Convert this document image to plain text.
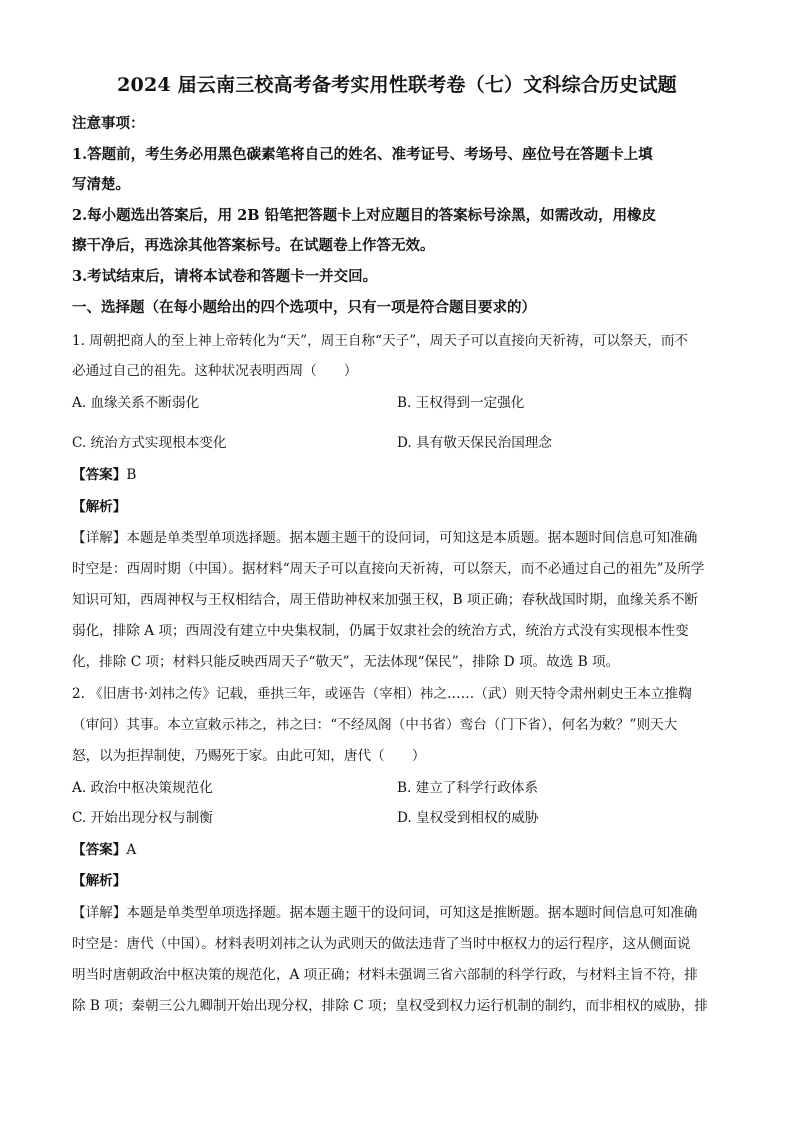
2024 届云南三校高考备考实用性联考卷（七）文科综合历史试题
注意事项：
1.答题前，考生务必用黑色碳素笔将自己的姓名、准考证号、考场号、座位号在答题卡上填
写清楚。
2.每小题选出答案后，用 2B 铅笔把答题卡上对应题目的答案标号涂黑，如需改动，用橡皮
擦干净后，再选涂其他答案标号。在试题卷上作答无效。
3.考试结束后，请将本试卷和答题卡一并交回。
一、选择题（在每小题给出的四个选项中，只有一项是符合题目要求的）
1. 周朝把商人的至上神上帝转化为“天”，周王自称“天子”，周天子可以直接向天祈祷，可以祭天，而不
必通过自己的祖先。这种状况表明西周（　　）
A. 血缘关系不断弱化	B. 王权得到一定强化
C. 统治方式实现根本变化	D. 具有敬天保民治国理念
【答案】B
【解析】
【详解】本题是单类型单项选择题。据本题主题干的设问词，可知这是本质题。据本题时间信息可知准确
时空是：西周时期（中国）。据材料“周天子可以直接向天祈祷，可以祭天，而不必通过自己的祖先”及所学
知识可知，西周神权与王权相结合，周王借助神权来加强王权，B 项正确；春秋战国时期，血缘关系不断
弱化，排除 A 项；西周没有建立中央集权制，仍属于奴隶社会的统治方式，统治方式没有实现根本性变
化，排除 C 项；材料只能反映西周天子“敬天”，无法体现“保民”，排除 D 项。故选 B 项。
2. 《旧唐书·刘祎之传》记载，垂拱三年，或诬告（宰相）祎之……（武）则天特令肃州刺史王本立推鞫
（审问）其事。本立宣敕示祎之，祎之曰：“不经凤阁（中书省）鸾台（门下省），何名为敕？”则天大
怒，以为拒捍制使，乃赐死于家。由此可知，唐代（　　）
A. 政治中枢决策规范化	B. 建立了科学行政体系
C. 开始出现分权与制衡	D. 皇权受到相权的威胁
【答案】A
【解析】
【详解】本题是单类型单项选择题。据本题主题干的设问词，可知这是推断题。据本题时间信息可知准确
时空是：唐代（中国）。材料表明刘祎之认为武则天的做法违背了当时中枢权力的运行程序，这从侧面说
明当时唐朝政治中枢决策的规范化，A 项正确；材料未强调三省六部制的科学行政，与材料主旨不符，排
除 B 项；秦朝三公九卿制开始出现分权，排除 C 项；皇权受到权力运行机制的制约，而非相权的威胁，排
